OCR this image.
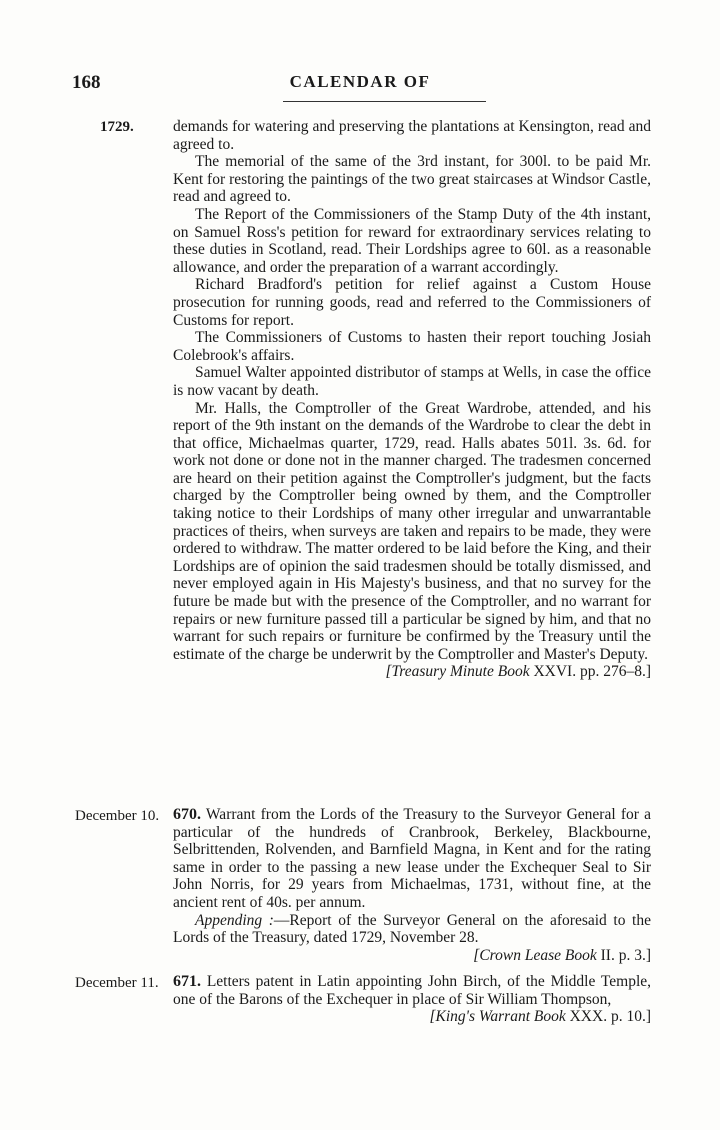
168	CALENDAR OF
1729.	demands for watering and preserving the plantations at Kensington, read and agreed to.

The memorial of the same of the 3rd instant, for 300l. to be paid Mr. Kent for restoring the paintings of the two great staircases at Windsor Castle, read and agreed to.

The Report of the Commissioners of the Stamp Duty of the 4th instant, on Samuel Ross's petition for reward for extraordinary services relating to these duties in Scotland, read. Their Lordships agree to 60l. as a reasonable allowance, and order the preparation of a warrant accordingly.

Richard Bradford's petition for relief against a Custom House prosecution for running goods, read and referred to the Commissioners of Customs for report.

The Commissioners of Customs to hasten their report touching Josiah Colebrook's affairs.

Samuel Walter appointed distributor of stamps at Wells, in case the office is now vacant by death.

Mr. Halls, the Comptroller of the Great Wardrobe, attended, and his report of the 9th instant on the demands of the Wardrobe to clear the debt in that office, Michaelmas quarter, 1729, read. Halls abates 501l. 3s. 6d. for work not done or done not in the manner charged. The tradesmen concerned are heard on their petition against the Comptroller's judgment, but the facts charged by the Comptroller being owned by them, and the Comptroller taking notice to their Lordships of many other irregular and unwarrantable practices of theirs, when surveys are taken and repairs to be made, they were ordered to withdraw. The matter ordered to be laid before the King, and their Lordships are of opinion the said tradesmen should be totally dismissed, and never employed again in His Majesty's business, and that no survey for the future be made but with the presence of the Comptroller, and no warrant for repairs or new furniture passed till a particular be signed by him, and that no warrant for such repairs or furniture be confirmed by the Treasury until the estimate of the charge be underwrit by the Comptroller and Master's Deputy.

[Treasury Minute Book XXVI. pp. 276–8.]

December 10. 670. Warrant from the Lords of the Treasury to the Surveyor General for a particular of the hundreds of Cranbrook, Berkeley, Blackbourne, Selbrittenden, Rolvenden, and Barnfield Magna, in Kent and for the rating same in order to the passing a new lease under the Exchequer Seal to Sir John Norris, for 29 years from Michaelmas, 1731, without fine, at the ancient rent of 40s. per annum.

Appending :—Report of the Surveyor General on the aforesaid to the Lords of the Treasury, dated 1729, November 28.

[Crown Lease Book II. p. 3.]

December 11. 671. Letters patent in Latin appointing John Birch, of the Middle Temple, one of the Barons of the Exchequer in place of Sir William Thompson,
[King's Warrant Book XXX. p. 10.]
